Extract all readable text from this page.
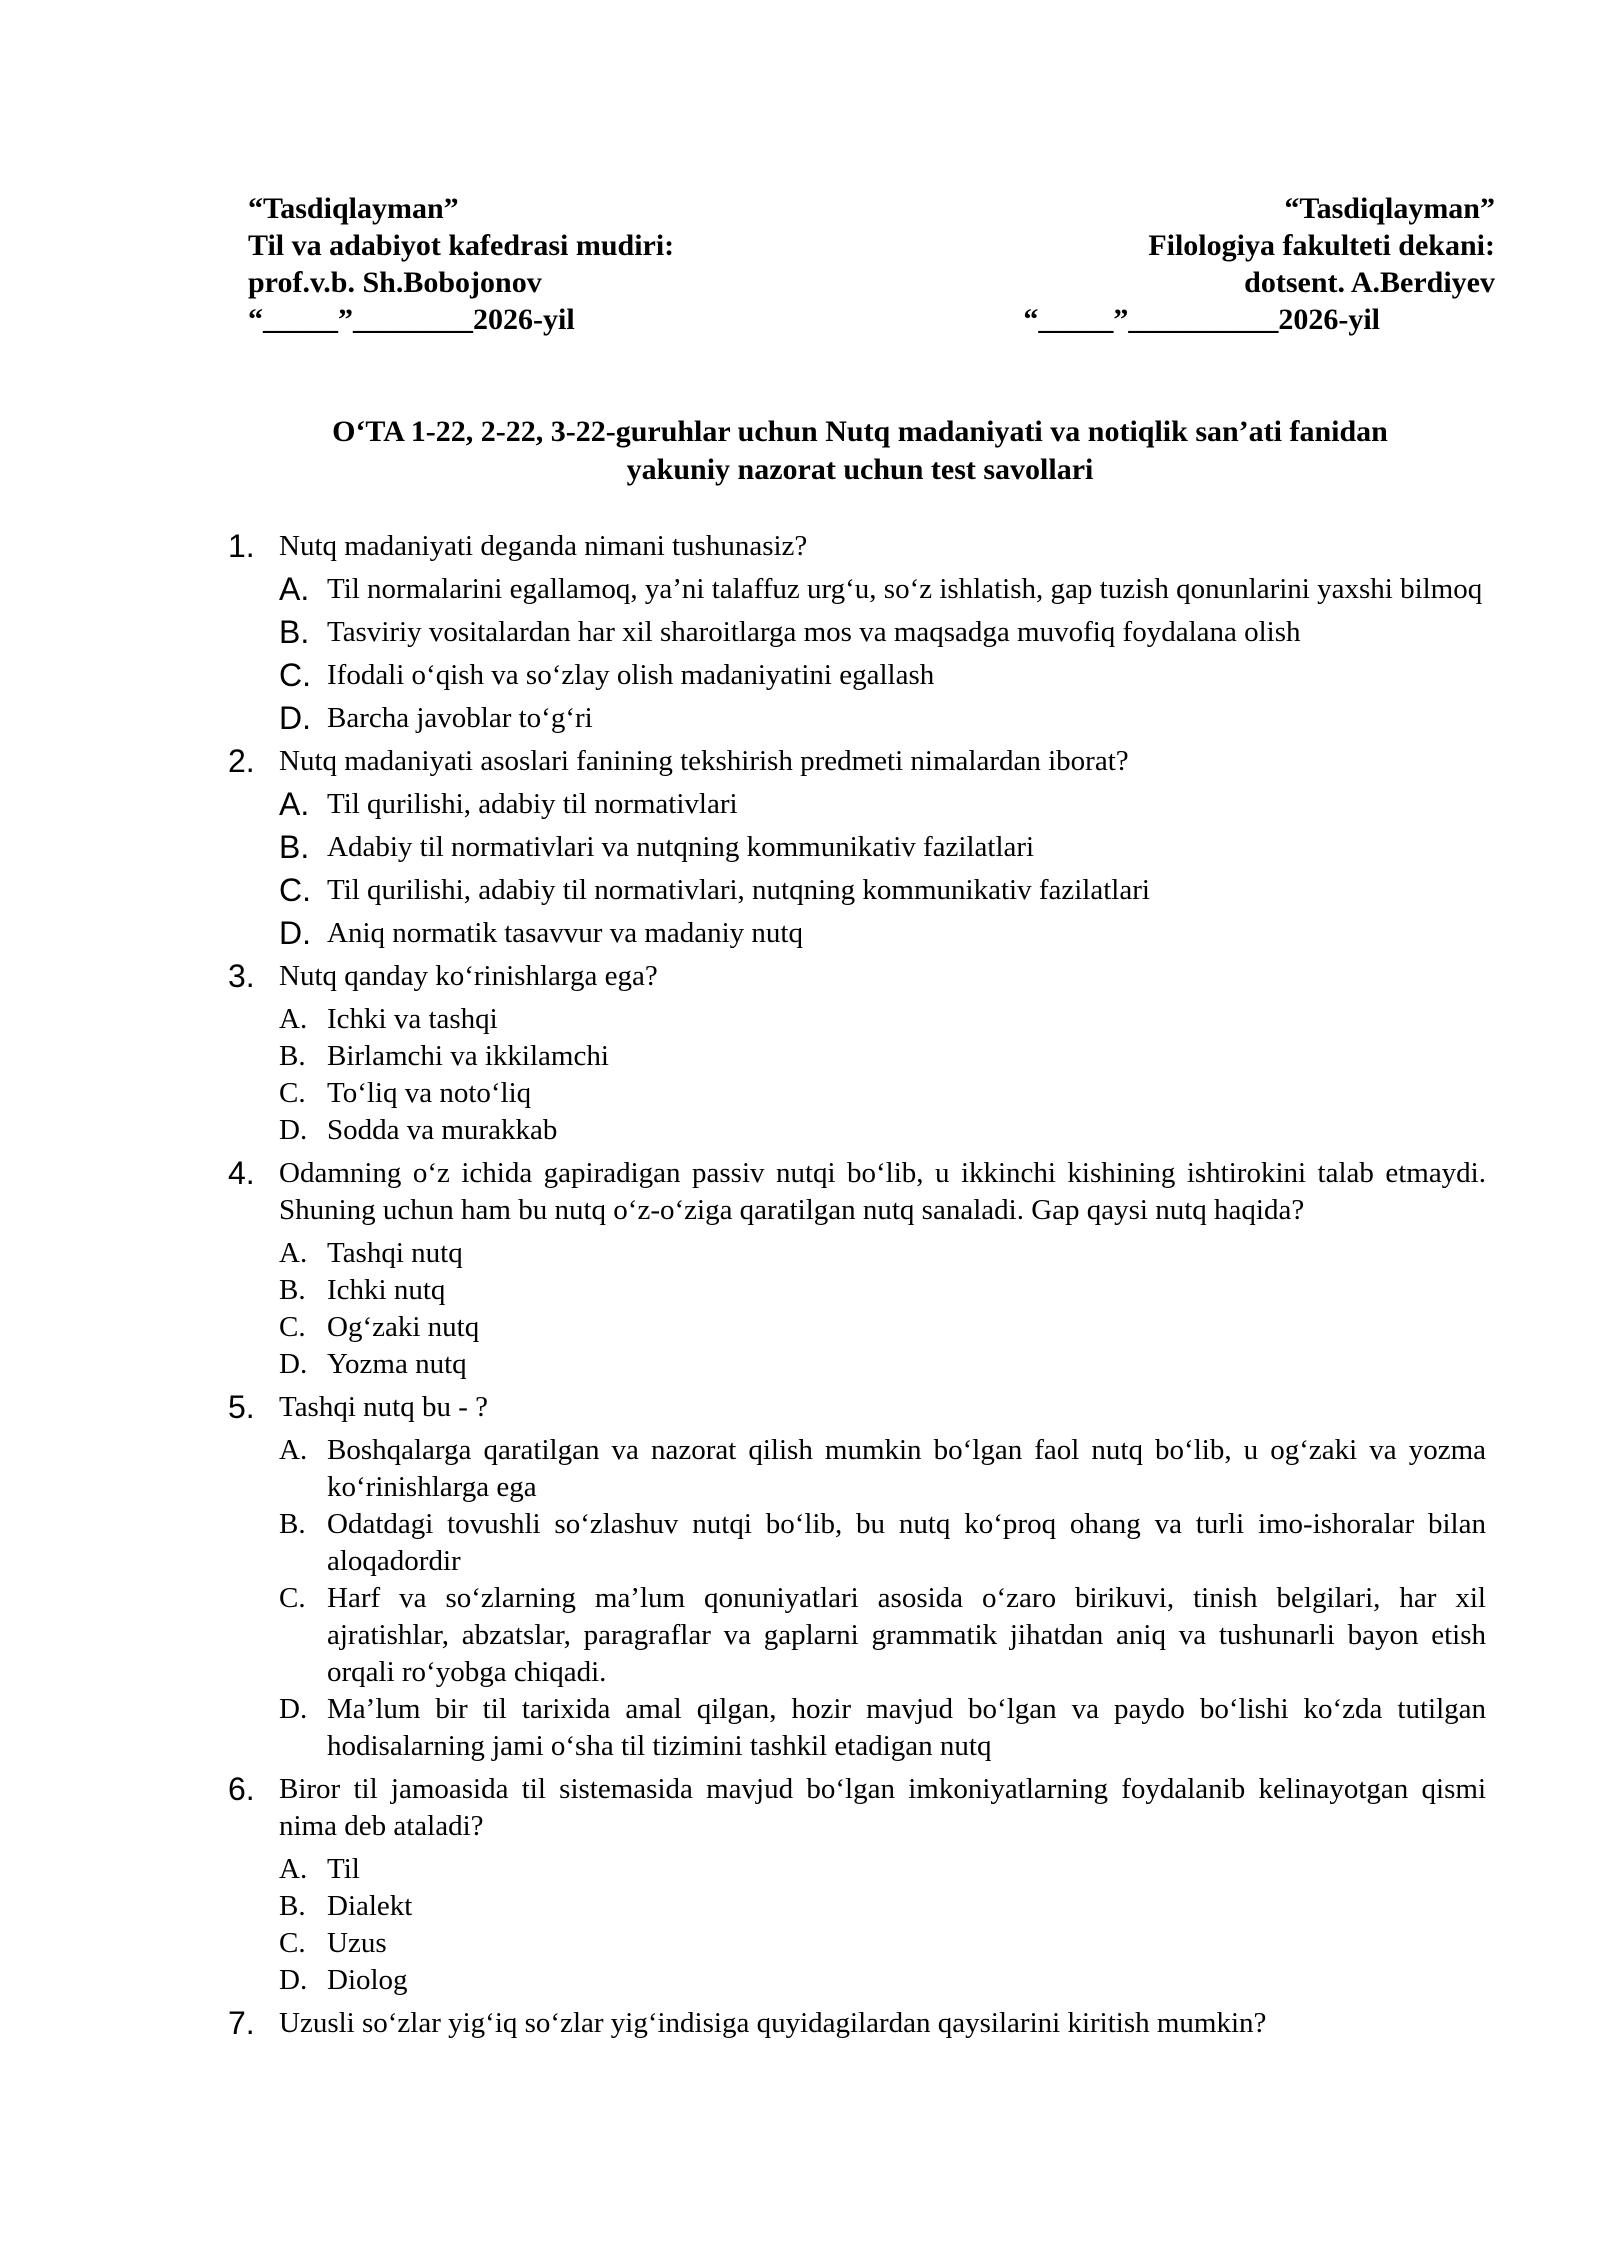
“Tasdiqlayman”
Til va adabiyot kafedrasi mudiri:
prof.v.b. Sh.Bobojonov
“_____”________2026-yil
“Tasdiqlayman”
Filologiya fakulteti dekani:
dotsent. A.Berdiyev
“_____”__________2026-yil
O‘TA 1-22, 2-22, 3-22-guruhlar uchun Nutq madaniyati va notiqlik san’ati fanidan
yakuniy nazorat uchun test savollari
1. Nutq madaniyati deganda nimani tushunasiz?
A. Til normalarini egallamoq, ya’ni talaffuz urg‘u, so‘z ishlatish, gap tuzish qonunlarini yaxshi bilmoq
B. Tasviriy vositalardan har xil sharoitlarga mos va maqsadga muvofiq foydalana olish
C. Ifodali o‘qish va so‘zlay olish madaniyatini egallash
D. Barcha javoblar to‘g‘ri
2. Nutq madaniyati asoslari fanining tekshirish predmeti nimalardan iborat?
A. Til qurilishi, adabiy til normativlari
B. Adabiy til normativlari va nutqning kommunikativ fazilatlari
C. Til qurilishi, adabiy til normativlari, nutqning kommunikativ fazilatlari
D. Aniq normatik tasavvur va madaniy nutq
3. Nutq qanday ko‘rinishlarga ega?
A. Ichki va tashqi
B. Birlamchi va ikkilamchi
C. To‘liq va noto‘liq
D. Sodda va murakkab
4. Odamning o‘z ichida gapiradigan passiv nutqi bo‘lib, u ikkinchi kishining ishtirokini talab etmaydi. Shuning uchun ham bu nutq o‘z-o‘ziga qaratilgan nutq sanaladi. Gap qaysi nutq haqida?
A. Tashqi nutq
B. Ichki nutq
C. Og‘zaki nutq
D. Yozma nutq
5. Tashqi nutq bu - ?
A. Boshqalarga qaratilgan va nazorat qilish mumkin bo‘lgan faol nutq bo‘lib, u og‘zaki va yozma ko‘rinishlarga ega
B. Odatdagi tovushli so‘zlashuv nutqi bo‘lib, bu nutq ko‘proq ohang va turli imo-ishoralar bilan aloqadordir
C. Harf va so‘zlarning ma’lum qonuniyatlari asosida o‘zaro birikuvi, tinish belgilari, har xil ajratishlar, abzatslar, paragraflar va gaplarni grammatik jihatdan aniq va tushunarli bayon etish orqali ro‘yobga chiqadi.
D. Ma’lum bir til tarixida amal qilgan, hozir mavjud bo‘lgan va paydo bo‘lishi ko‘zda tutilgan hodisalarning jami o‘sha til tizimini tashkil etadigan nutq
6. Biror til jamoasida til sistemasida mavjud bo‘lgan imkoniyatlarning foydalanib kelinayotgan qismi nima deb ataladi?
A. Til
B. Dialekt
C. Uzus
D. Diolog
7. Uzusli so‘zlar yig‘iq so‘zlar yig‘indisiga quyidagilardan qaysilarini kiritish mumkin?
